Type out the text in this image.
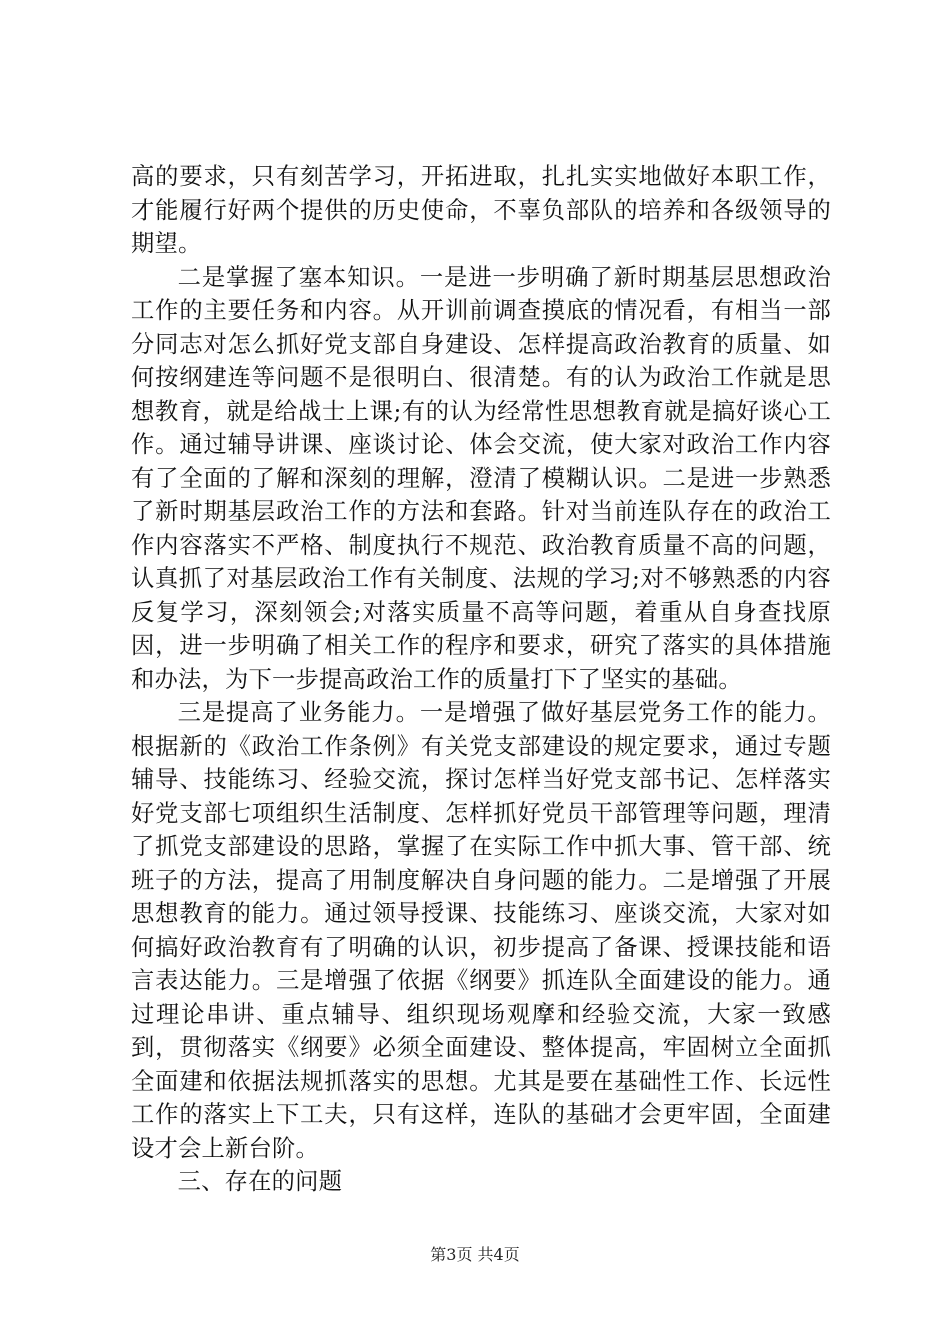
高的要求，只有刻苦学习，开拓进取，扎扎实实地做好本职工作，才能履行好两个提供的历史使命，不辜负部队的培养和各级领导的期望。

二是掌握了塞本知识。一是进一步明确了新时期基层思想政治工作的主要任务和内容。从开训前调查摸底的情况看，有相当一部分同志对怎么抓好党支部自身建设、怎样提高政治教育的质量、如何按纲建连等问题不是很明白、很清楚。有的认为政治工作就是思想教育，就是给战士上课;有的认为经常性思想教育就是搞好谈心工作。通过辅导讲课、座谈讨论、体会交流，使大家对政治工作内容有了全面的了解和深刻的理解，澄清了模糊认识。二是进一步熟悉了新时期基层政治工作的方法和套路。针对当前连队存在的政治工作内容落实不严格、制度执行不规范、政治教育质量不高的问题，认真抓了对基层政治工作有关制度、法规的学习;对不够熟悉的内容反复学习，深刻领会;对落实质量不高等问题，着重从自身查找原因，进一步明确了相关工作的程序和要求，研究了落实的具体措施和办法，为下一步提高政治工作的质量打下了坚实的基础。

三是提高了业务能力。一是增强了做好基层党务工作的能力。根据新的《政治工作条例》有关党支部建设的规定要求，通过专题辅导、技能练习、经验交流，探讨怎样当好党支部书记、怎样落实好党支部七项组织生活制度、怎样抓好党员干部管理等问题，理清了抓党支部建设的思路，掌握了在实际工作中抓大事、管干部、统班子的方法，提高了用制度解决自身问题的能力。二是增强了开展思想教育的能力。通过领导授课、技能练习、座谈交流，大家对如何搞好政治教育有了明确的认识，初步提高了备课、授课技能和语言表达能力。三是增强了依据《纲要》抓连队全面建设的能力。通过理论串讲、重点辅导、组织现场观摩和经验交流，大家一致感到，贯彻落实《纲要》必须全面建设、整体提高，牢固树立全面抓全面建和依据法规抓落实的思想。尤其是要在基础性工作、长远性工作的落实上下工夫，只有这样，连队的基础才会更牢固，全面建设才会上新台阶。

三、存在的问题

第3页 共4页
